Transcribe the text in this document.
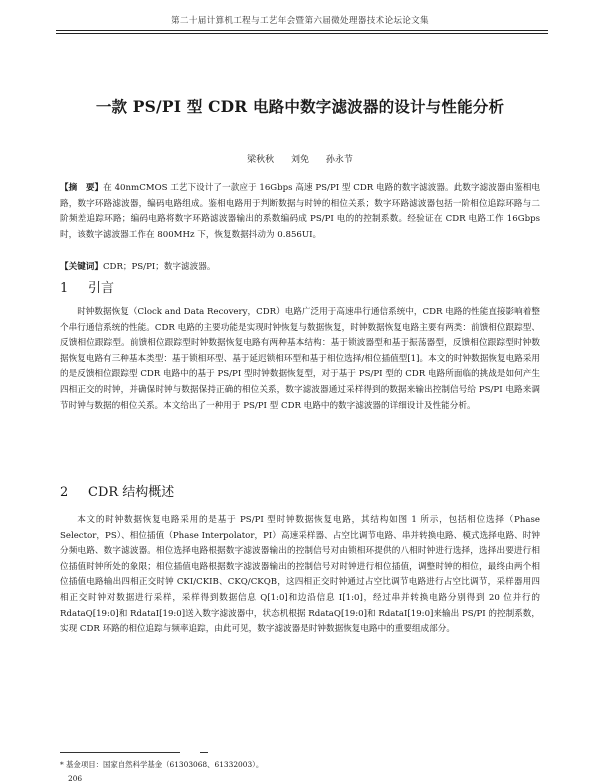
第二十届计算机工程与工艺年会暨第六届微处理器技术论坛论文集
一款 PS/PI 型 CDR 电路中数字滤波器的设计与性能分析
梁秋秋 刘免 孙永节
【摘　要】在 40nmCMOS 工艺下设计了一款应于 16Gbps 高速 PS/PI 型 CDR 电路的数字滤波器。此数字滤波器由鉴相电路，数字环路滤波器，编码电路组成。鉴相电路用于判断数据与时钟的相位关系；数字环路滤波器包括一阶相位追踪环路与二阶频差追踪环路；编码电路将数字环路滤波器输出的系数编码成 PS/PI 电的的控制系数。经验证在 CDR 电路工作 16Gbps 时，该数字滤波器工作在 800MHz 下，恢复数据抖动为 0.856UI。
【关键词】CDR；PS/PI；数字滤波器。
1 引言
时钟数据恢复（Clock and Data Recovery，CDR）电路广泛用于高速串行通信系统中，CDR 电路的性能直接影响着整个串行通信系统的性能。CDR 电路的主要功能是实现时钟恢复与数据恢复，时钟数据恢复电路主要有两类：前馈相位跟踪型、反馈相位跟踪型。前馈相位跟踪型时钟数据恢复电路有两种基本结构：基于锁波器型和基于振荡器型，反馈相位跟踪型时钟数据恢复电路有三种基本类型：基于锁相环型、基于延迟锁相环型和基于相位选择/相位插值型[1]。本文的时钟数据恢复电路采用的是反馈相位跟踪型 CDR 电路中的基于 PS/PI 型时钟数据恢复型，对于基于 PS/PI 型的 CDR 电路所面临的挑战是如何产生四相正交的时钟，并确保时钟与数据保持正确的相位关系，数字滤波器通过采样得到的数据来输出控制信号给 PS/PI 电路来调节时钟与数据的相位关系。本文给出了一种用于 PS/PI 型 CDR 电路中的数字滤波器的详细设计及性能分析。
2 CDR 结构概述
本文的时钟数据恢复电路采用的是基于 PS/PI 型时钟数据恢复电路，其结构如图 1 所示，包括相位选择（Phase Selector，PS）、相位插值（Phase Interpolator，PI）高速采样器、占空比调节电路、串并转换电路、模式选择电路、时钟分频电路、数字滤波器。相位选择电路根据数字滤波器输出的控制信号对由锁相环提供的八相时钟进行选择，选择出要进行相位插值时钟所处的象限；相位插值电路根据数字滤波器输出的控制信号对时钟进行相位插值，调整时钟的相位，最终由两个相位插值电路输出四相正交时钟 CKI/CKIB、CKQ/CKQB，这四相正交时钟通过占空比调节电路进行占空比调节，采样器用四相正交时钟对数据进行采样，采样得到数据信息 Q[1:0]和边沿信息 I[1:0]，经过串并转换电路分别得到 20 位并行的 RdataQ[19:0]和 RdataI[19:0]送入数字滤波器中，状态机根据 RdataQ[19:0]和 RdataI[19:0]来输出 PS/PI 的控制系数，实现 CDR 环路的相位追踪与频率追踪，由此可见，数字滤波器是时钟数据恢复电路中的重要组成部分。
* 基金项目：国家自然科学基金（61303068、61332003）。
206
